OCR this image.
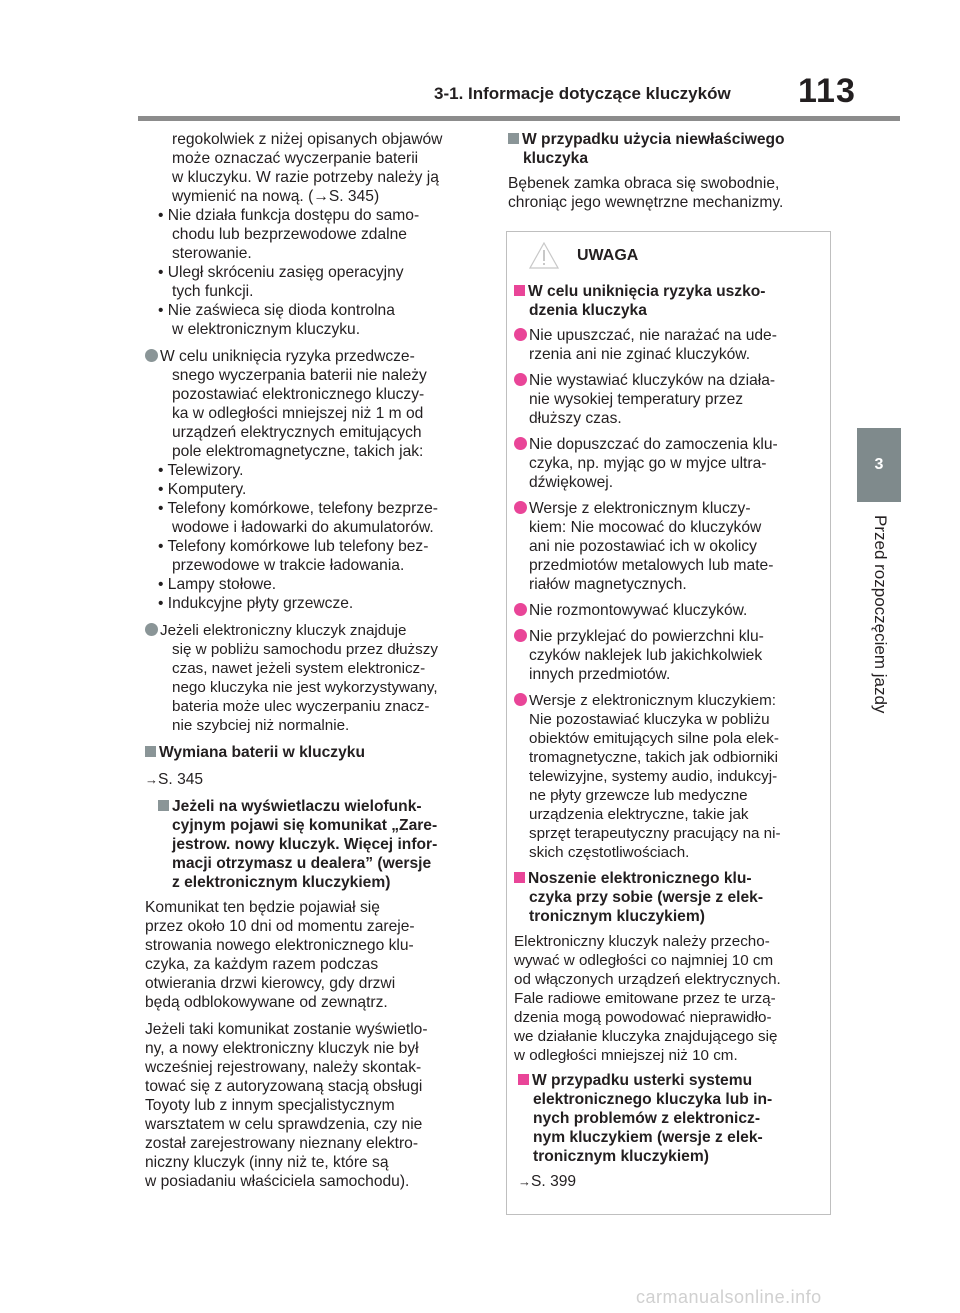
3-1. Informacje dotyczące kluczyków 113
3
Przed rozpoczęciem jazdy
regokolwiek z niżej opisanych objawów
może oznaczać wyczerpanie baterii
w kluczyku. W razie potrzeby należy ją
wymienić na nową. (→S. 345)
• Nie działa funkcja dostępu do samo-
chodu lub bezprzewodowe zdalne
sterowanie.
• Uległ skróceniu zasięg operacyjny
tych funkcji.
• Nie zaświeca się dioda kontrolna
w elektronicznym kluczyku.
W celu uniknięcia ryzyka przedwcze-
snego wyczerpania baterii nie należy
pozostawiać elektronicznego kluczy-
ka w odległości mniejszej niż 1 m od
urządzeń elektrycznych emitujących
pole elektromagnetyczne, takich jak:
• Telewizory.
• Komputery.
• Telefony komórkowe, telefony bezprze-
wodowe i ładowarki do akumulatorów.
• Telefony komórkowe lub telefony bez-
przewodowe w trakcie ładowania.
• Lampy stołowe.
• Indukcyjne płyty grzewcze.
Jeżeli elektroniczny kluczyk znajduje
się w pobliżu samochodu przez dłuższy
czas, nawet jeżeli system elektronicz-
nego kluczyka nie jest wykorzystywany,
bateria może ulec wyczerpaniu znacz-
nie szybciej niż normalnie.
Wymiana baterii w kluczyku
→S. 345
Jeżeli na wyświetlaczu wielofunk-
cyjnym pojawi się komunikat „Zare-
jestrow. nowy kluczyk. Więcej infor-
macji otrzymasz u dealera” (wersje
z elektronicznym kluczykiem)
Komunikat ten będzie pojawiał się
przez około 10 dni od momentu zareje-
strowania nowego elektronicznego klu-
czyka, za każdym razem podczas
otwierania drzwi kierowcy, gdy drzwi
będą odblokowywane od zewnątrz.
Jeżeli taki komunikat zostanie wyświetlo-
ny, a nowy elektroniczny kluczyk nie był
wcześniej rejestrowany, należy skontak-
tować się z autoryzowaną stacją obsługi
Toyoty lub z innym specjalistycznym
warsztatem w celu sprawdzenia, czy nie
został zarejestrowany nieznany elektro-
niczny kluczyk (inny niż te, które są
w posiadaniu właściciela samochodu).
W przypadku użycia niewłaściwego
kluczyka
Bębenek zamka obraca się swobodnie,
chroniąc jego wewnętrzne mechanizmy.
UWAGA
W celu uniknięcia ryzyka uszko-
dzenia kluczyka
Nie upuszczać, nie narażać na ude-
rzenia ani nie zginać kluczyków.
Nie wystawiać kluczyków na działa-
nie wysokiej temperatury przez
dłuższy czas.
Nie dopuszczać do zamoczenia klu-
czyka, np. myjąc go w myjce ultra-
dźwiękowej.
Wersje z elektronicznym kluczy-
kiem: Nie mocować do kluczyków
ani nie pozostawiać ich w okolicy
przedmiotów metalowych lub mate-
riałów magnetycznych.
Nie rozmontowywać kluczyków.
Nie przyklejać do powierzchni klu-
czyków naklejek lub jakichkolwiek
innych przedmiotów.
Wersje z elektronicznym kluczykiem:
Nie pozostawiać kluczyka w pobliżu
obiektów emitujących silne pola elek-
tromagnetyczne, takich jak odbiorniki
telewizyjne, systemy audio, indukcyj-
ne płyty grzewcze lub medyczne
urządzenia elektryczne, takie jak
sprzęt terapeutyczny pracujący na ni-
skich częstotliwościach.
Noszenie elektronicznego klu-
czyka przy sobie (wersje z elek-
tronicznym kluczykiem)
Elektroniczny kluczyk należy przecho-
wywać w odległości co najmniej 10 cm
od włączonych urządzeń elektrycznych.
Fale radiowe emitowane przez te urzą-
dzenia mogą powodować nieprawidło-
we działanie kluczyka znajdującego się
w odległości mniejszej niż 10 cm.
W przypadku usterki systemu
elektronicznego kluczyka lub in-
nych problemów z elektronicz-
nym kluczykiem (wersje z elek-
tronicznym kluczykiem)
→S. 399
carmanualsonline.info
